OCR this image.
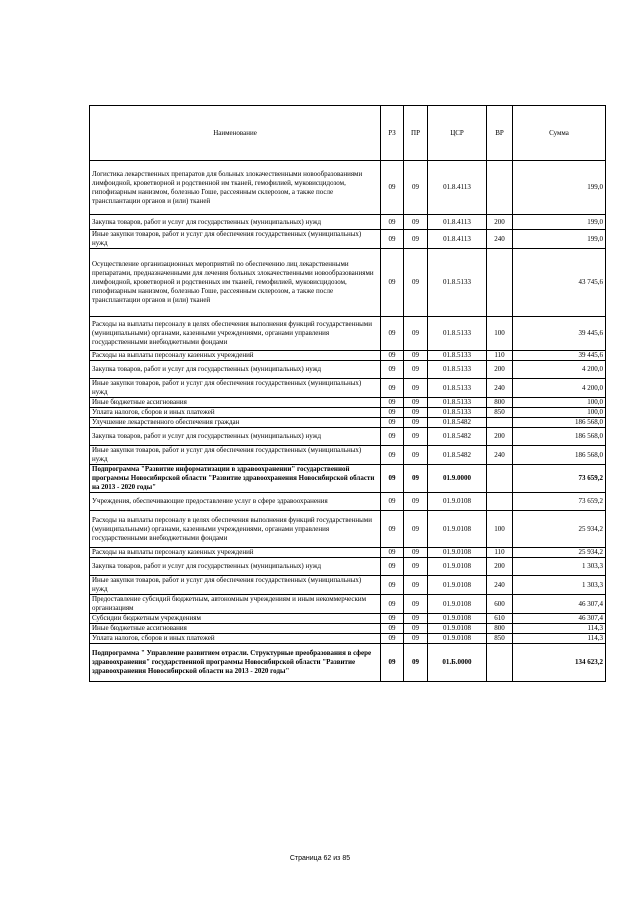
Наименование	РЗ	ПР	ЦСР	ВР	Сумма
Логистика лекарственных препаратов для больных злокачественными новообразованиями лимфоидной, кроветворной и родственной им тканей, гемофилией, муковисцидозом, гипофизарным нанизмом, болезнью Гоше, рассеянным склерозом, а также после трансплантации органов и (или) тканей	09	09	01.8.4113		199,0
Закупка товаров, работ и услуг для государственных (муниципальных) нужд	09	09	01.8.4113	200	199,0
Иные закупки товаров, работ и услуг для обеспечения государственных (муниципальных) нужд	09	09	01.8.4113	240	199,0
Осуществление организационных мероприятий по обеспечению лиц лекарственными препаратами, предназначенными для лечения больных злокачественными новообразованиями лимфоидной, кроветворной и родственных им тканей, гемофилией, муковисцидозом, гипофизарным нанизмом, болезнью Гоше, рассеянным склерозом, а также после трансплантации органов и (или) тканей	09	09	01.8.5133		43 745,6
Расходы на выплаты персоналу в целях обеспечения выполнения функций государственными (муниципальными) органами, казенными учреждениями, органами управления государственными внебюджетными фондами	09	09	01.8.5133	100	39 445,6
Расходы на выплаты персоналу казенных учреждений	09	09	01.8.5133	110	39 445,6
Закупка товаров, работ и услуг для государственных (муниципальных) нужд	09	09	01.8.5133	200	4 200,0
Иные закупки товаров, работ и услуг для обеспечения государственных (муниципальных) нужд	09	09	01.8.5133	240	4 200,0
Иные бюджетные ассигнования	09	09	01.8.5133	800	100,0
Уплата налогов, сборов и иных платежей	09	09	01.8.5133	850	100,0
Улучшение лекарственного обеспечения граждан	09	09	01.8.5482		186 568,0
Закупка товаров, работ и услуг для государственных (муниципальных) нужд	09	09	01.8.5482	200	186 568,0
Иные закупки товаров, работ и услуг для обеспечения государственных (муниципальных) нужд	09	09	01.8.5482	240	186 568,0
Подпрограмма "Развитие информатизации в здравоохранении" государственной программы Новосибирской области "Развитие здравоохранения Новосибирской области на 2013 - 2020 годы"	09	09	01.9.0000		73 659,2
Учреждения, обеспечивающие предоставление услуг в сфере здравоохранения	09	09	01.9.0108		73 659,2
Расходы на выплаты персоналу в целях обеспечения выполнения функций государственными (муниципальными) органами, казенными учреждениями, органами управления государственными внебюджетными фондами	09	09	01.9.0108	100	25 934,2
Расходы на выплаты персоналу казенных учреждений	09	09	01.9.0108	110	25 934,2
Закупка товаров, работ и услуг для государственных (муниципальных) нужд	09	09	01.9.0108	200	1 303,3
Иные закупки товаров, работ и услуг для обеспечения государственных (муниципальных) нужд	09	09	01.9.0108	240	1 303,3
Предоставление субсидий бюджетным, автономным учреждениям и иным некоммерческим организациям	09	09	01.9.0108	600	46 307,4
Субсидии бюджетным учреждениям	09	09	01.9.0108	610	46 307,4
Иные бюджетные ассигнования	09	09	01.9.0108	800	114,3
Уплата налогов, сборов и иных платежей	09	09	01.9.0108	850	114,3
Подпрограмма " Управление развитием отрасли. Структурные преобразования в сфере здравоохранения" государственной программы Новосибирской области "Развитие здравоохранения Новосибирской области на 2013 - 2020 годы"	09	09	01.Б.0000		134 623,2
Страница 62 из 85
